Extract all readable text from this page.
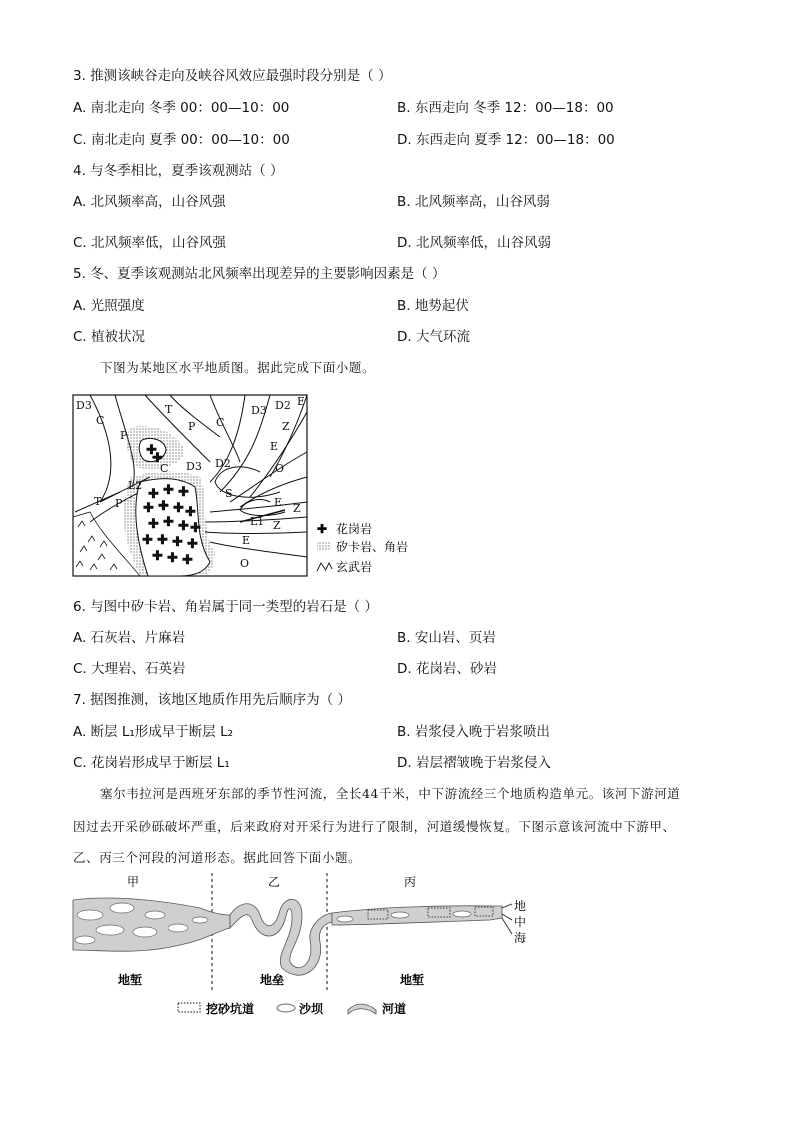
3. 推测该峡谷走向及峡谷风效应最强时段分别是（ ）
A. 南北走向 冬季 00：00—10：00	B. 东西走向 冬季 12：00—18：00
C. 南北走向 夏季 00：00—10：00	D. 东西走向 夏季 12：00—18：00
4. 与冬季相比，夏季该观测站（ ）
A. 北风频率高，山谷风强	B. 北风频率高，山谷风弱
C. 北风频率低，山谷风强	D. 北风频率低，山谷风弱
5. 冬、夏季该观测站北风频率出现差异的主要影响因素是（ ）
A. 光照强度	B. 地势起伏
C. 植被状况	D. 大气环流
下图为某地区水平地质图。据此完成下面小题。
✚
✚
✚ ✚ ✚
✚ ✚ ✚ ✚
✚ ✚ ✚ ✚
✚ ✚ ✚ ✚
✚ ✚ ✚
D3
C
P
T
P C
D3 D2 E
Z
C D3 D2
E
O
S
E Z
L1 Z
E
O
L2
T P
✚ 花岗岩
矽卡岩、角岩
玄武岩
6. 与图中矽卡岩、角岩属于同一类型的岩石是（ ）
A. 石灰岩、片麻岩	B. 安山岩、页岩
C. 大理岩、石英岩	D. 花岗岩、砂岩
7. 据图推测，该地区地质作用先后顺序为（ ）
A. 断层 L₁形成早于断层 L₂	B. 岩浆侵入晚于岩浆喷出
C. 花岗岩形成早于断层 L₁	D. 岩层褶皱晚于岩浆侵入
塞尔韦拉河是西班牙东部的季节性河流，全长44千米，中下游流经三个地质构造单元。该河下游河道
因过去开采砂砾破坏严重，后来政府对开采行为进行了限制，河道缓慢恢复。下图示意该河流中下游甲、
乙、丙三个河段的河道形态。据此回答下面小题。
甲	乙	丙
地
中
海
地堑	地垒	地堑
挖砂坑道	沙坝	河道
